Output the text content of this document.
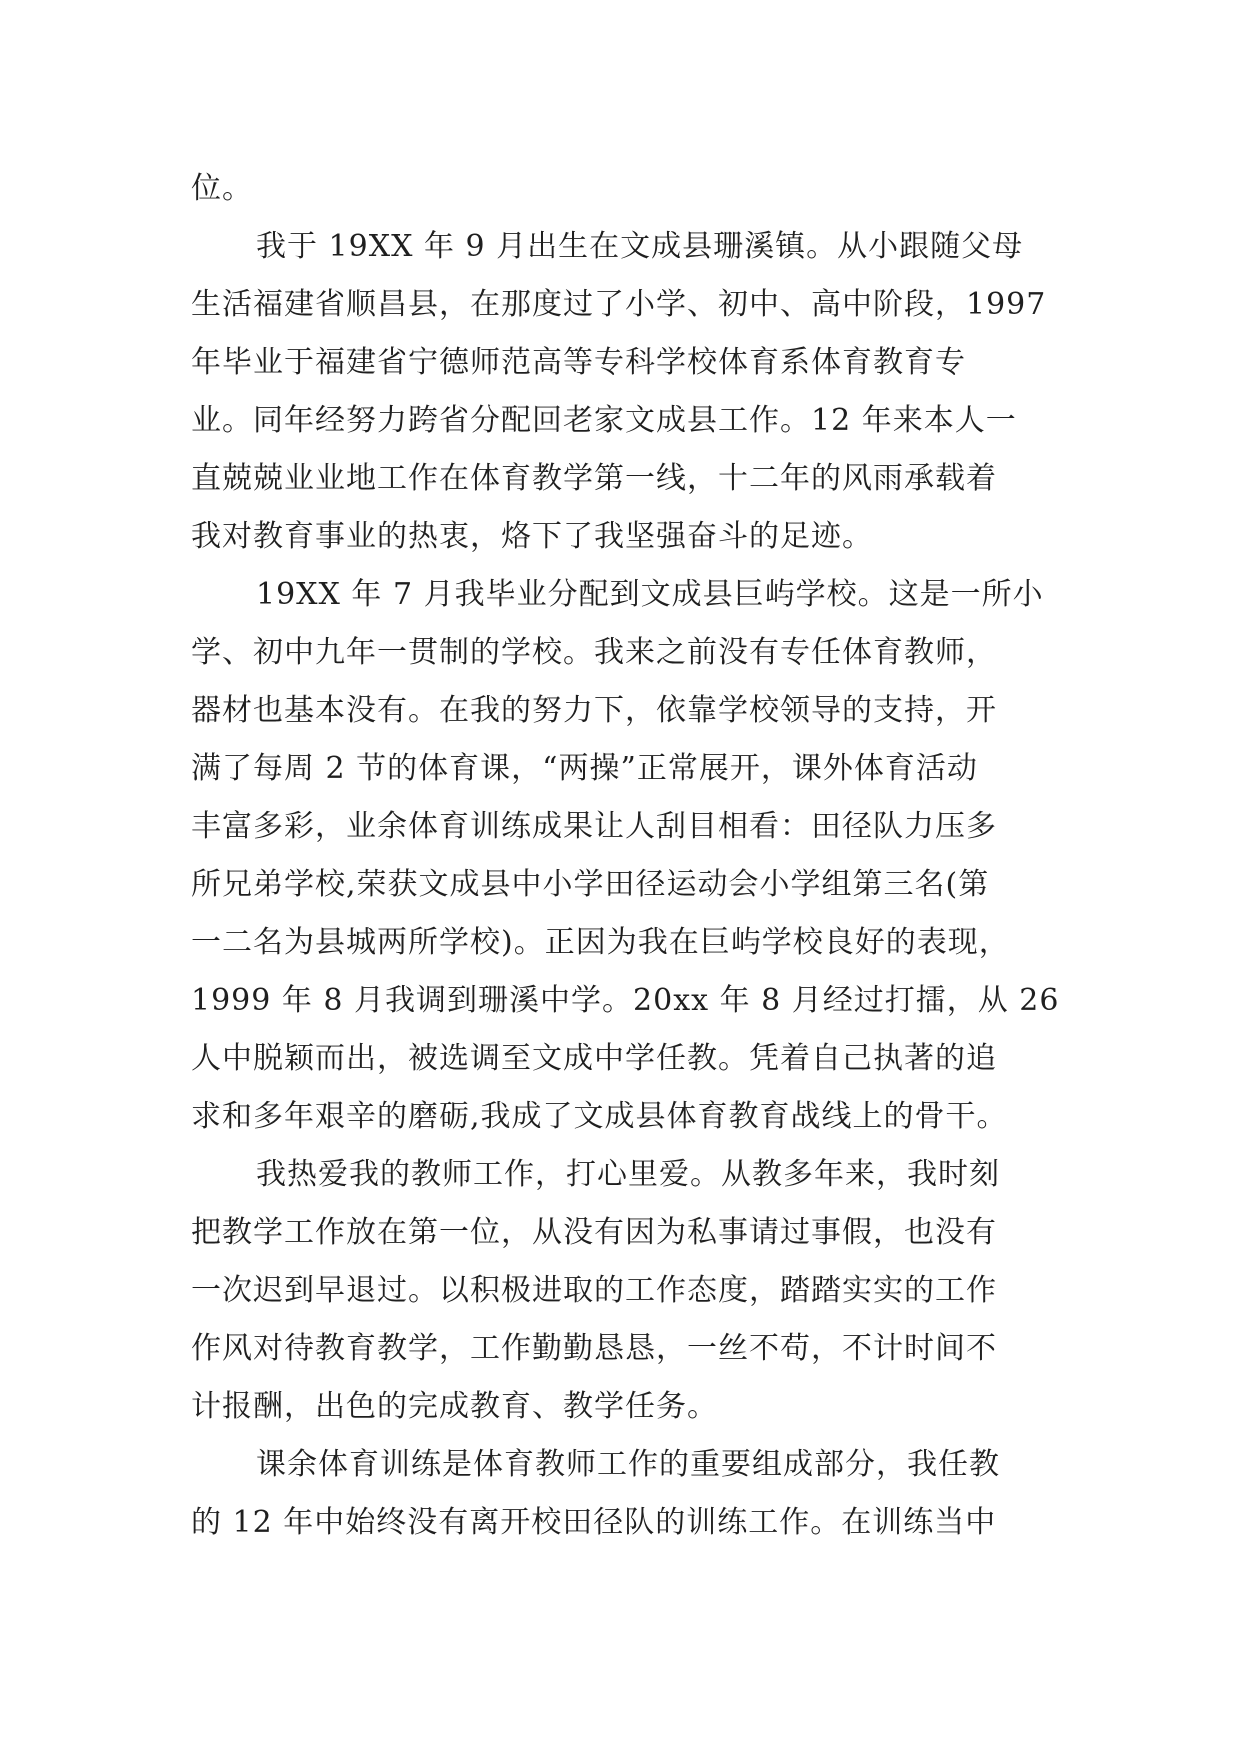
位。
我于 19XX 年 9 月出生在文成县珊溪镇。从小跟随父母
生活福建省顺昌县，在那度过了小学、初中、高中阶段，1997
年毕业于福建省宁德师范高等专科学校体育系体育教育专
业。同年经努力跨省分配回老家文成县工作。12 年来本人一
直兢兢业业地工作在体育教学第一线，十二年的风雨承载着
我对教育事业的热衷，烙下了我坚强奋斗的足迹。
19XX 年 7 月我毕业分配到文成县巨屿学校。这是一所小
学、初中九年一贯制的学校。我来之前没有专任体育教师，
器材也基本没有。在我的努力下，依靠学校领导的支持，开
满了每周 2 节的体育课，“两操”正常展开，课外体育活动
丰富多彩，业余体育训练成果让人刮目相看：田径队力压多
所兄弟学校,荣获文成县中小学田径运动会小学组第三名(第
一二名为县城两所学校)。正因为我在巨屿学校良好的表现，
1999 年 8 月我调到珊溪中学。20xx 年 8 月经过打擂，从 26
人中脱颖而出，被选调至文成中学任教。凭着自己执著的追
求和多年艰辛的磨砺,我成了文成县体育教育战线上的骨干。
我热爱我的教师工作，打心里爱。从教多年来，我时刻
把教学工作放在第一位，从没有因为私事请过事假，也没有
一次迟到早退过。以积极进取的工作态度，踏踏实实的工作
作风对待教育教学，工作勤勤恳恳，一丝不苟，不计时间不
计报酬，出色的完成教育、教学任务。
课余体育训练是体育教师工作的重要组成部分，我任教
的 12 年中始终没有离开校田径队的训练工作。在训练当中
